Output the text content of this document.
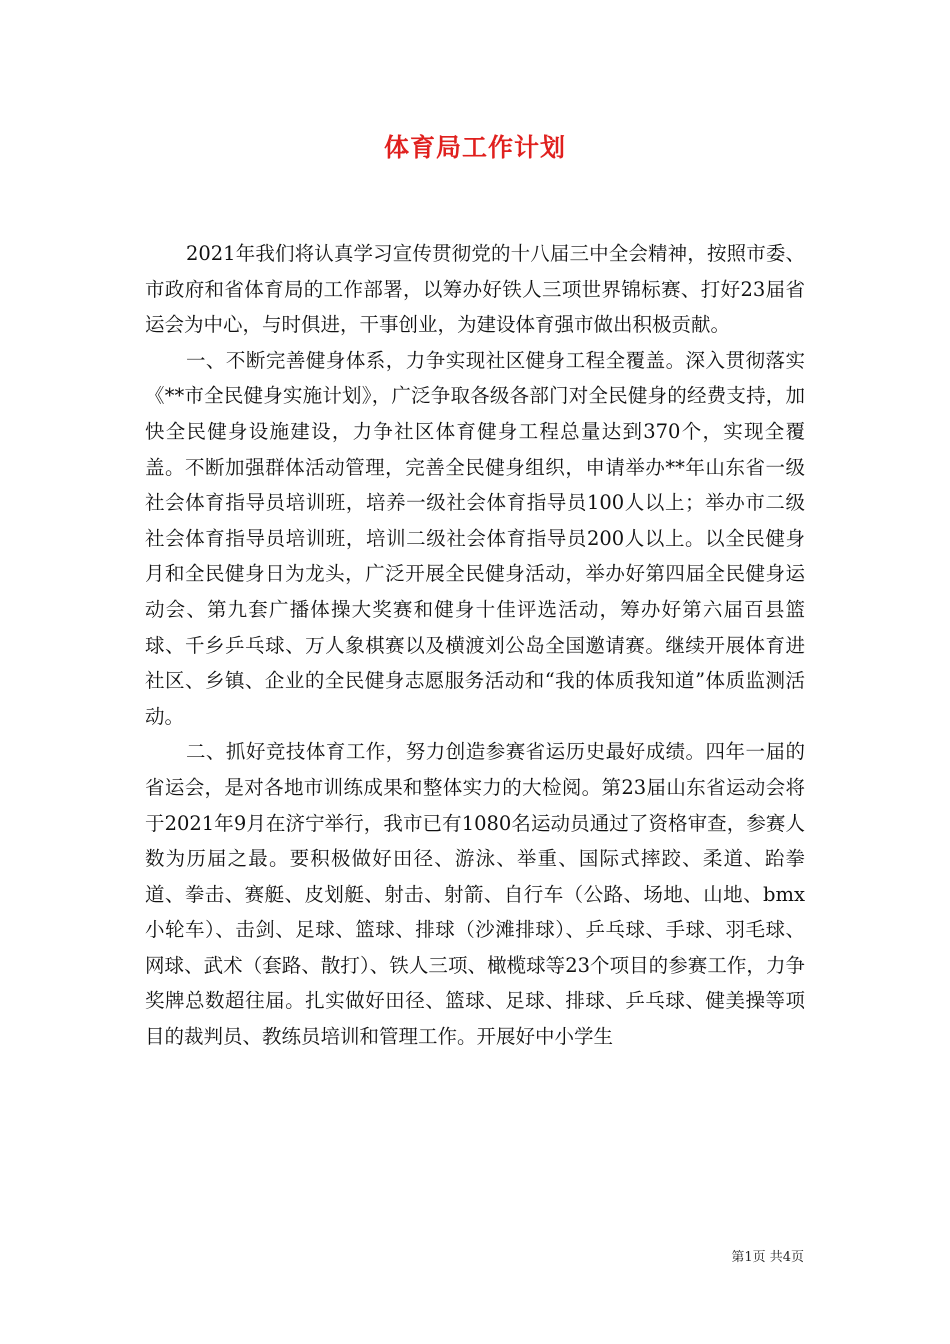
体育局工作计划

2021年我们将认真学习宣传贯彻党的十八届三中全会精神，按照市委、市政府和省体育局的工作部署，以筹办好铁人三项世界锦标赛、打好23届省运会为中心，与时俱进，干事创业，为建设体育强市做出积极贡献。

一、不断完善健身体系，力争实现社区健身工程全覆盖。深入贯彻落实《**市全民健身实施计划》，广泛争取各级各部门对全民健身的经费支持，加快全民健身设施建设，力争社区体育健身工程总量达到370个，实现全覆盖。不断加强群体活动管理，完善全民健身组织，申请举办**年山东省一级社会体育指导员培训班，培养一级社会体育指导员100人以上；举办市二级社会体育指导员培训班，培训二级社会体育指导员200人以上。以全民健身月和全民健身日为龙头，广泛开展全民健身活动，举办好第四届全民健身运动会、第九套广播体操大奖赛和健身十佳评选活动，筹办好第六届百县篮球、千乡乒乓球、万人象棋赛以及横渡刘公岛全国邀请赛。继续开展体育进社区、乡镇、企业的全民健身志愿服务活动和“我的体质我知道”体质监测活动。

二、抓好竞技体育工作，努力创造参赛省运历史最好成绩。四年一届的省运会，是对各地市训练成果和整体实力的大检阅。第23届山东省运动会将于2021年9月在济宁举行，我市已有1080名运动员通过了资格审查，参赛人数为历届之最。要积极做好田径、游泳、举重、国际式摔跤、柔道、跆拳道、拳击、赛艇、皮划艇、射击、射箭、自行车（公路、场地、山地、bmx小轮车）、击剑、足球、篮球、排球（沙滩排球）、乒乓球、手球、羽毛球、网球、武术（套路、散打）、铁人三项、橄榄球等23个项目的参赛工作，力争奖牌总数超往届。扎实做好田径、篮球、足球、排球、乒乓球、健美操等项目的裁判员、教练员培训和管理工作。开展好中小学生

第1页 共4页
